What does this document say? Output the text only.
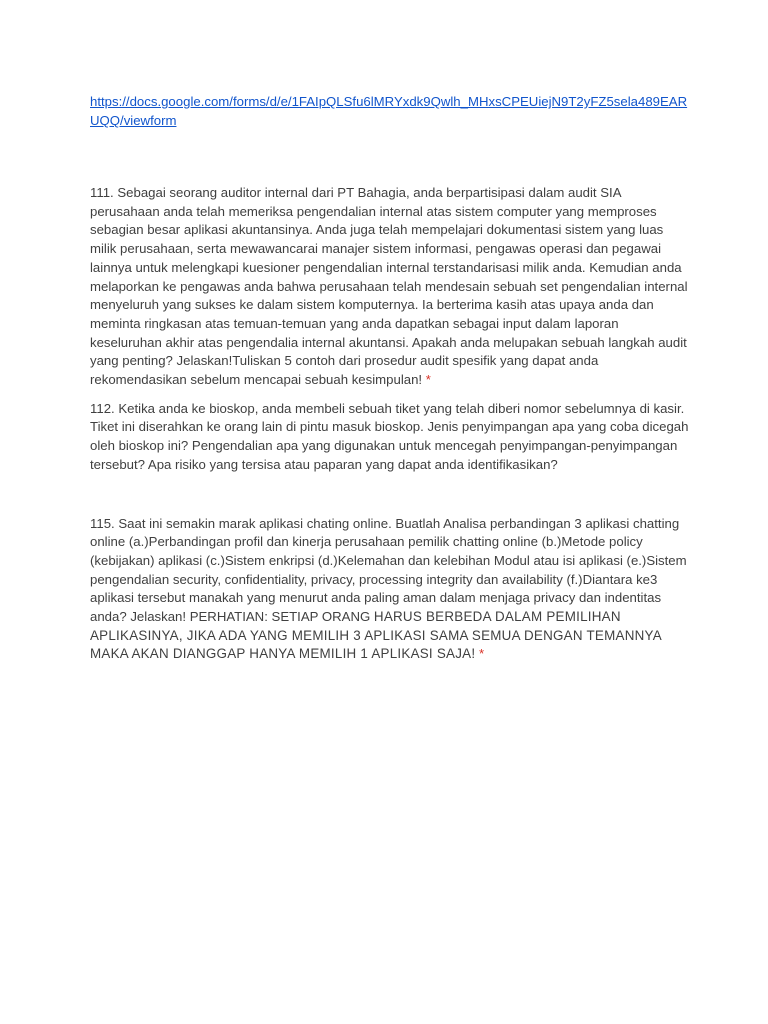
https://docs.google.com/forms/d/e/1FAIpQLSfu6lMRYxdk9Qwlh_MHxsCPEUiejN9T2yFZ5sela489EARUQQ/viewform

111. Sebagai seorang auditor internal dari PT Bahagia, anda berpartisipasi dalam audit SIA perusahaan anda telah memeriksa pengendalian internal atas sistem computer yang memproses sebagian besar aplikasi akuntansinya. Anda juga telah mempelajari dokumentasi sistem yang luas milik perusahaan, serta mewawancarai manajer sistem informasi, pengawas operasi dan pegawai lainnya untuk melengkapi kuesioner pengendalian internal terstandarisasi milik anda. Kemudian anda melaporkan ke pengawas anda bahwa perusahaan telah mendesain sebuah set pengendalian internal menyeluruh yang sukses ke dalam sistem komputernya. Ia berterima kasih atas upaya anda dan meminta ringkasan atas temuan-temuan yang anda dapatkan sebagai input dalam laporan keseluruhan akhir atas pengendalia internal akuntansi. Apakah anda melupakan sebuah langkah audit yang penting? Jelaskan!Tuliskan 5 contoh dari prosedur audit spesifik yang dapat anda rekomendasikan sebelum mencapai sebuah kesimpulan! *

112. Ketika anda ke bioskop, anda membeli sebuah tiket yang telah diberi nomor sebelumnya di kasir. Tiket ini diserahkan ke orang lain di pintu masuk bioskop. Jenis penyimpangan apa yang coba dicegah oleh bioskop ini? Pengendalian apa yang digunakan untuk mencegah penyimpangan-penyimpangan tersebut? Apa risiko yang tersisa atau paparan yang dapat anda identifikasikan?

115. Saat ini semakin marak aplikasi chating online. Buatlah Analisa perbandingan 3 aplikasi chatting online (a.)Perbandingan profil dan kinerja perusahaan pemilik chatting online (b.)Metode policy (kebijakan) aplikasi (c.)Sistem enkripsi (d.)Kelemahan dan kelebihan Modul atau isi aplikasi (e.)Sistem pengendalian security, confidentiality, privacy, processing integrity dan availability (f.)Diantara ke3 aplikasi tersebut manakah yang menurut anda paling aman dalam menjaga privacy dan indentitas anda? Jelaskan! PERHATIAN: SETIAP ORANG HARUS BERBEDA DALAM PEMILIHAN APLIKASINYA, JIKA ADA YANG MEMILIH 3 APLIKASI SAMA SEMUA DENGAN TEMANNYA MAKA AKAN DIANGGAP HANYA MEMILIH 1 APLIKASI SAJA! *
